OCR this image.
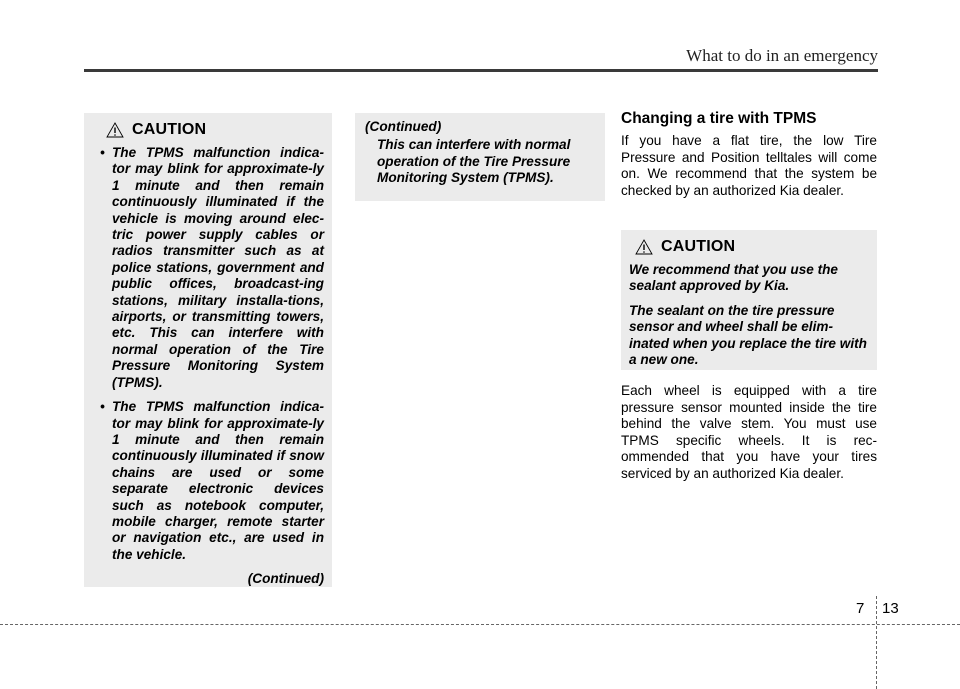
What to do in an emergency
CAUTION
• The TPMS malfunction indica-tor may blink for approximate-ly 1 minute and then remain continuously illuminated if the vehicle is moving around elec-tric power supply cables or radios transmitter such as at police stations, government and public offices, broadcast-ing stations, military installa-tions, airports, or transmitting towers, etc. This can interfere with normal operation of the Tire Pressure Monitoring System (TPMS).
• The TPMS malfunction indica-tor may blink for approximate-ly 1 minute and then remain continuously illuminated if snow chains are used or some separate electronic devices such as notebook computer, mobile charger, remote starter or navigation etc., are used in the vehicle.
(Continued)
(Continued)
This can interfere with normal operation of the Tire Pressure Monitoring System (TPMS).
Changing a tire with TPMS
If you have a flat tire, the low Tire Pressure and Position telltales will come on. We recommend that the system be checked by an authorized Kia dealer.
CAUTION

We recommend that you use the sealant approved by Kia.

The sealant on the tire pressure sensor and wheel shall be elim-inated when you replace the tire with a new one.

Each wheel is equipped with a tire pressure sensor mounted inside the tire behind the valve stem. You must use TPMS specific wheels. It is rec-ommended that you have your tires serviced by an authorized Kia dealer.
7 13
